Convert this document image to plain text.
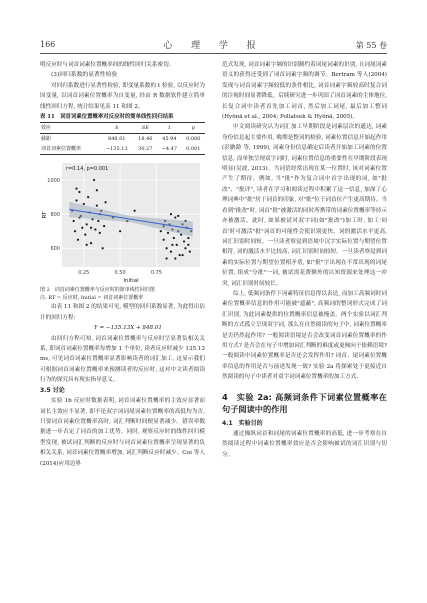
166	心 理 学 报	第 55 卷

明反应时与词首词素位置概率间的线性回归关系密切。

(3)回归系数的显著性检验

对回归系数进行显著性检验, 即变量系数的 t 检验, 以反应时为因变量, 以词首词素位置概率为自变量, 经由 R 数据软件建立简单线性回归方程, 统计结果见表 11 和图 2。

表 11　词首词素位置概率对反应时的简单线性回归结果

效应	b	SE	t	p
截距	848.01	18.46	45.94	0.000
词首词素位置概率	−135.13	30.27	−4.47	0.001
600
800
1000
0.25	0.50	0.75
Initial
RT
r=0.14, p=0.001

图 2　词首词素位置概率与反应时的简单线性回归图
注: RT = 反应时, Initial = 词首词素位置概率

由表 11 和图 2 的结果可见, 模型的回归系数显著, 为此得出估计的回归方程:

Y = −135.13X + 848.01

由回归方程可知, 词首词素位置概率与反应时呈显著负相关关系, 即词首词素位置概率每增加 1 个单位, 读者反应时减少 135.13 ms, 可见词首词素位置概率显著影响读者的词汇加工, 这显示我们可根据词首词素位置概率来预测读者的反应时, 这对中文读者阅读行为的探究具有现实指导意义。

3.5 讨论

实验 1b 反应时数据表明, 词首词素位置概率的主效应显著而词长主效应不显著, 即不论双字词词尾词素位置概率的高低均为否, 只要词首词素位置概率高时, 词汇判断时间便显著减少。错误率数据进一步否定了词首的加工优势。同时, 观察反应时的线性回归模型发现, 被试词汇判断的反应时与词首词素位置概率呈现显著的负相关关系, 词首词素位置概率增加, 词汇判断反应时减少。Cui 等人(2014)应用边界

范式发现, 词首词素字频的识别制约着词尾词素的识别, 且词尾词素语义的获得还受到了词首词素字频的调节。Bertram 等人(2004)发现与词首词素字频较低的条件相比, 词首词素字频较高时复合词的注视时间显著降低。后续研究进一步巩固了词首词素的主体地位, 长复合词中读者首先加工词首, 然后加工词尾, 最后加工整词(Hyönä et al., 2004; Pollatsek & Hyönä, 2005)。

中文阅读研究认为词汇加工早期阶段是词素层次的通达, 词素身份信息起主要作用, 晚期是整词的检验, 词素位置信息开始起作用(彭聃龄 等, 1999), 词素身份信息确定后读者开始加工词素的位置信息, 而单独呈现双字词时, 词素位置信息的重要性在早期阶段表现明显(吴波, 2013)。当词语经常出现在某一位置时, 该对词素位置产生了期待。例如, 当"批"作为复合词中首字出现的词, 如"批改"、"批评", 读者在学习和阅读过程中积累了这一信息, 加深了心理词典中"批"居于词首的印象, 对"批"位于词首位产生更高期待。当看到"批改"时, 词首"批"被激活的同时所携带的词素位置概率等持示亦被激活。此时, 如果被试对双字词(如"批改")加工时, 加工'同首'时可激活"批"词首的可能性会使识别更快、词的激活水平更高, 词汇识别时间短。一旦读者察觉到语境中汉字实际位置与期望位置相符, 词的激活水平比较高, 词汇识别时间较短。一旦读者察觉到词素的实际位置与期望位置相矛盾, 如"批"字出现在不常出现的词尾位置, 组成"分批"一词, 被试需花费额外的认知资源来处理这一冲突, 词汇识别时间较长。

综上, 低频词条件下词素特征信息得以表达, 而加工高频词时词素位置概率信息的作用可能被"遮蔽", 高频词的整词形式完成了词汇识别, 为此词素提供的位置概率信息被掩盖。两个实验以词汇判断的方式孤立呈现双字词, 那么在自然阅读的句子中, 词素位置概率是否仍然起作用? 一般阅读语境是否会改变词首词素位置概率的作用方式? 是否会在句子中增加词汇判断的难度或更倾向于依赖语境? 一般阅读中词素位置概率是否还会发挥作用? 词首、尾词素位置概率信息的作用是否与前述发现一致? 实验 2a 将探索处于更接近自然阅读的句子中读者对双字词词素位置概率的加工方式。

4　实验 2a: 高频词条件下词素位置概率在句子阅读中的作用

4.1　实验目的

通过操纵词首和词尾的词素位置概率的高低, 进一步考察在自然阅读过程中词素位置概率效应是否会影响被试的词汇识别与切分。
